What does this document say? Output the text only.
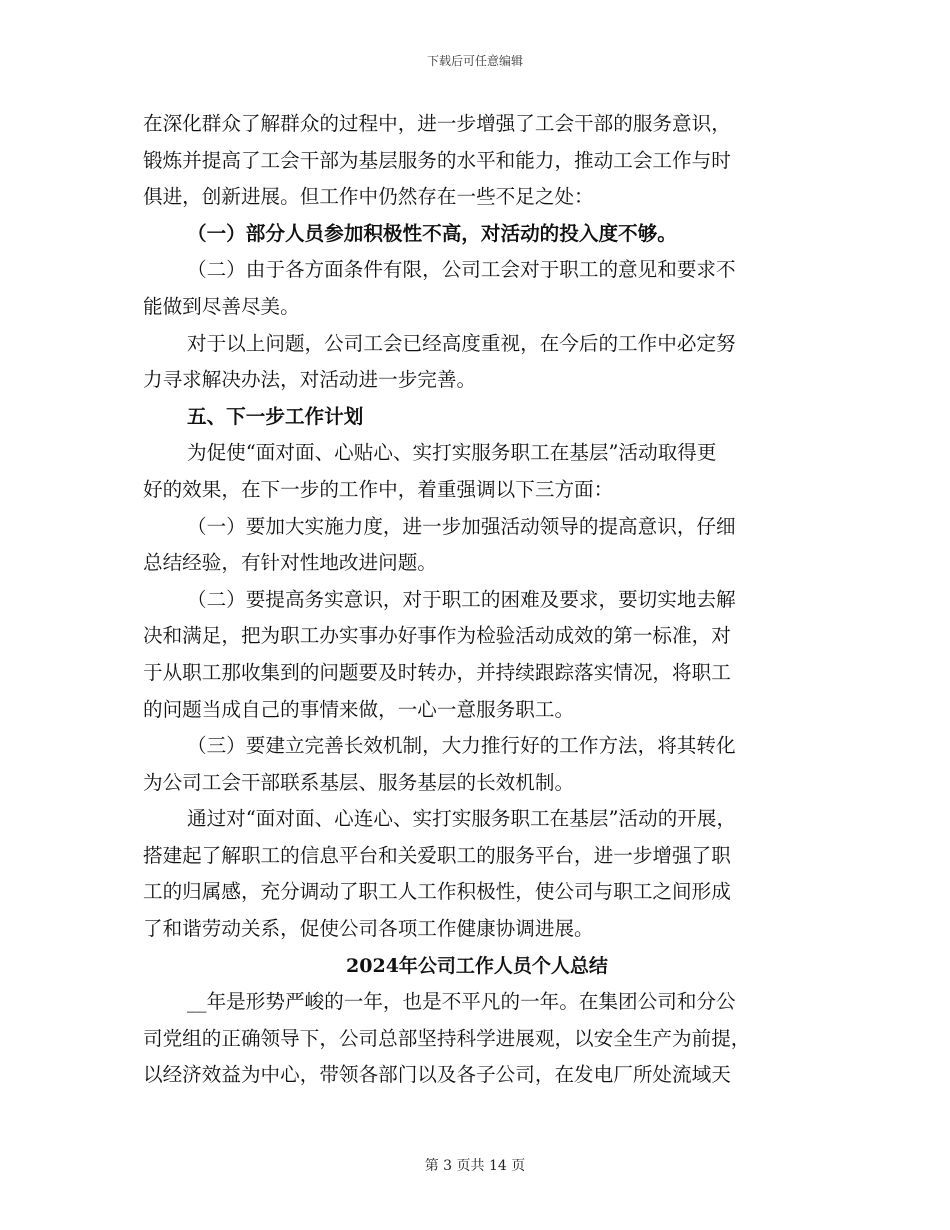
下载后可任意编辑
在深化群众了解群众的过程中，进一步增强了工会干部的服务意识，
锻炼并提高了工会干部为基层服务的水平和能力，推动工会工作与时
俱进，创新进展。但工作中仍然存在一些不足之处：
（一）部分人员参加积极性不高，对活动的投入度不够。
（二）由于各方面条件有限，公司工会对于职工的意见和要求不
能做到尽善尽美。
对于以上问题，公司工会已经高度重视，在今后的工作中必定努
力寻求解决办法，对活动进一步完善。
五、下一步工作计划
为促使“面对面、心贴心、实打实服务职工在基层”活动取得更
好的效果，在下一步的工作中，着重强调以下三方面：
（一）要加大实施力度，进一步加强活动领导的提高意识，仔细
总结经验，有针对性地改进问题。
（二）要提高务实意识，对于职工的困难及要求，要切实地去解
决和满足，把为职工办实事办好事作为检验活动成效的第一标准，对
于从职工那收集到的问题要及时转办，并持续跟踪落实情况，将职工
的问题当成自己的事情来做，一心一意服务职工。
（三）要建立完善长效机制，大力推行好的工作方法，将其转化
为公司工会干部联系基层、服务基层的长效机制。
通过对“面对面、心连心、实打实服务职工在基层”活动的开展，
搭建起了解职工的信息平台和关爱职工的服务平台，进一步增强了职
工的归属感，充分调动了职工人工作积极性，使公司与职工之间形成
了和谐劳动关系，促使公司各项工作健康协调进展。
2024年公司工作人员个人总结
__年是形势严峻的一年，也是不平凡的一年。在集团公司和分公
司党组的正确领导下，公司总部坚持科学进展观，以安全生产为前提，
以经济效益为中心，带领各部门以及各子公司，在发电厂所处流域天
第 3 页共 14 页
